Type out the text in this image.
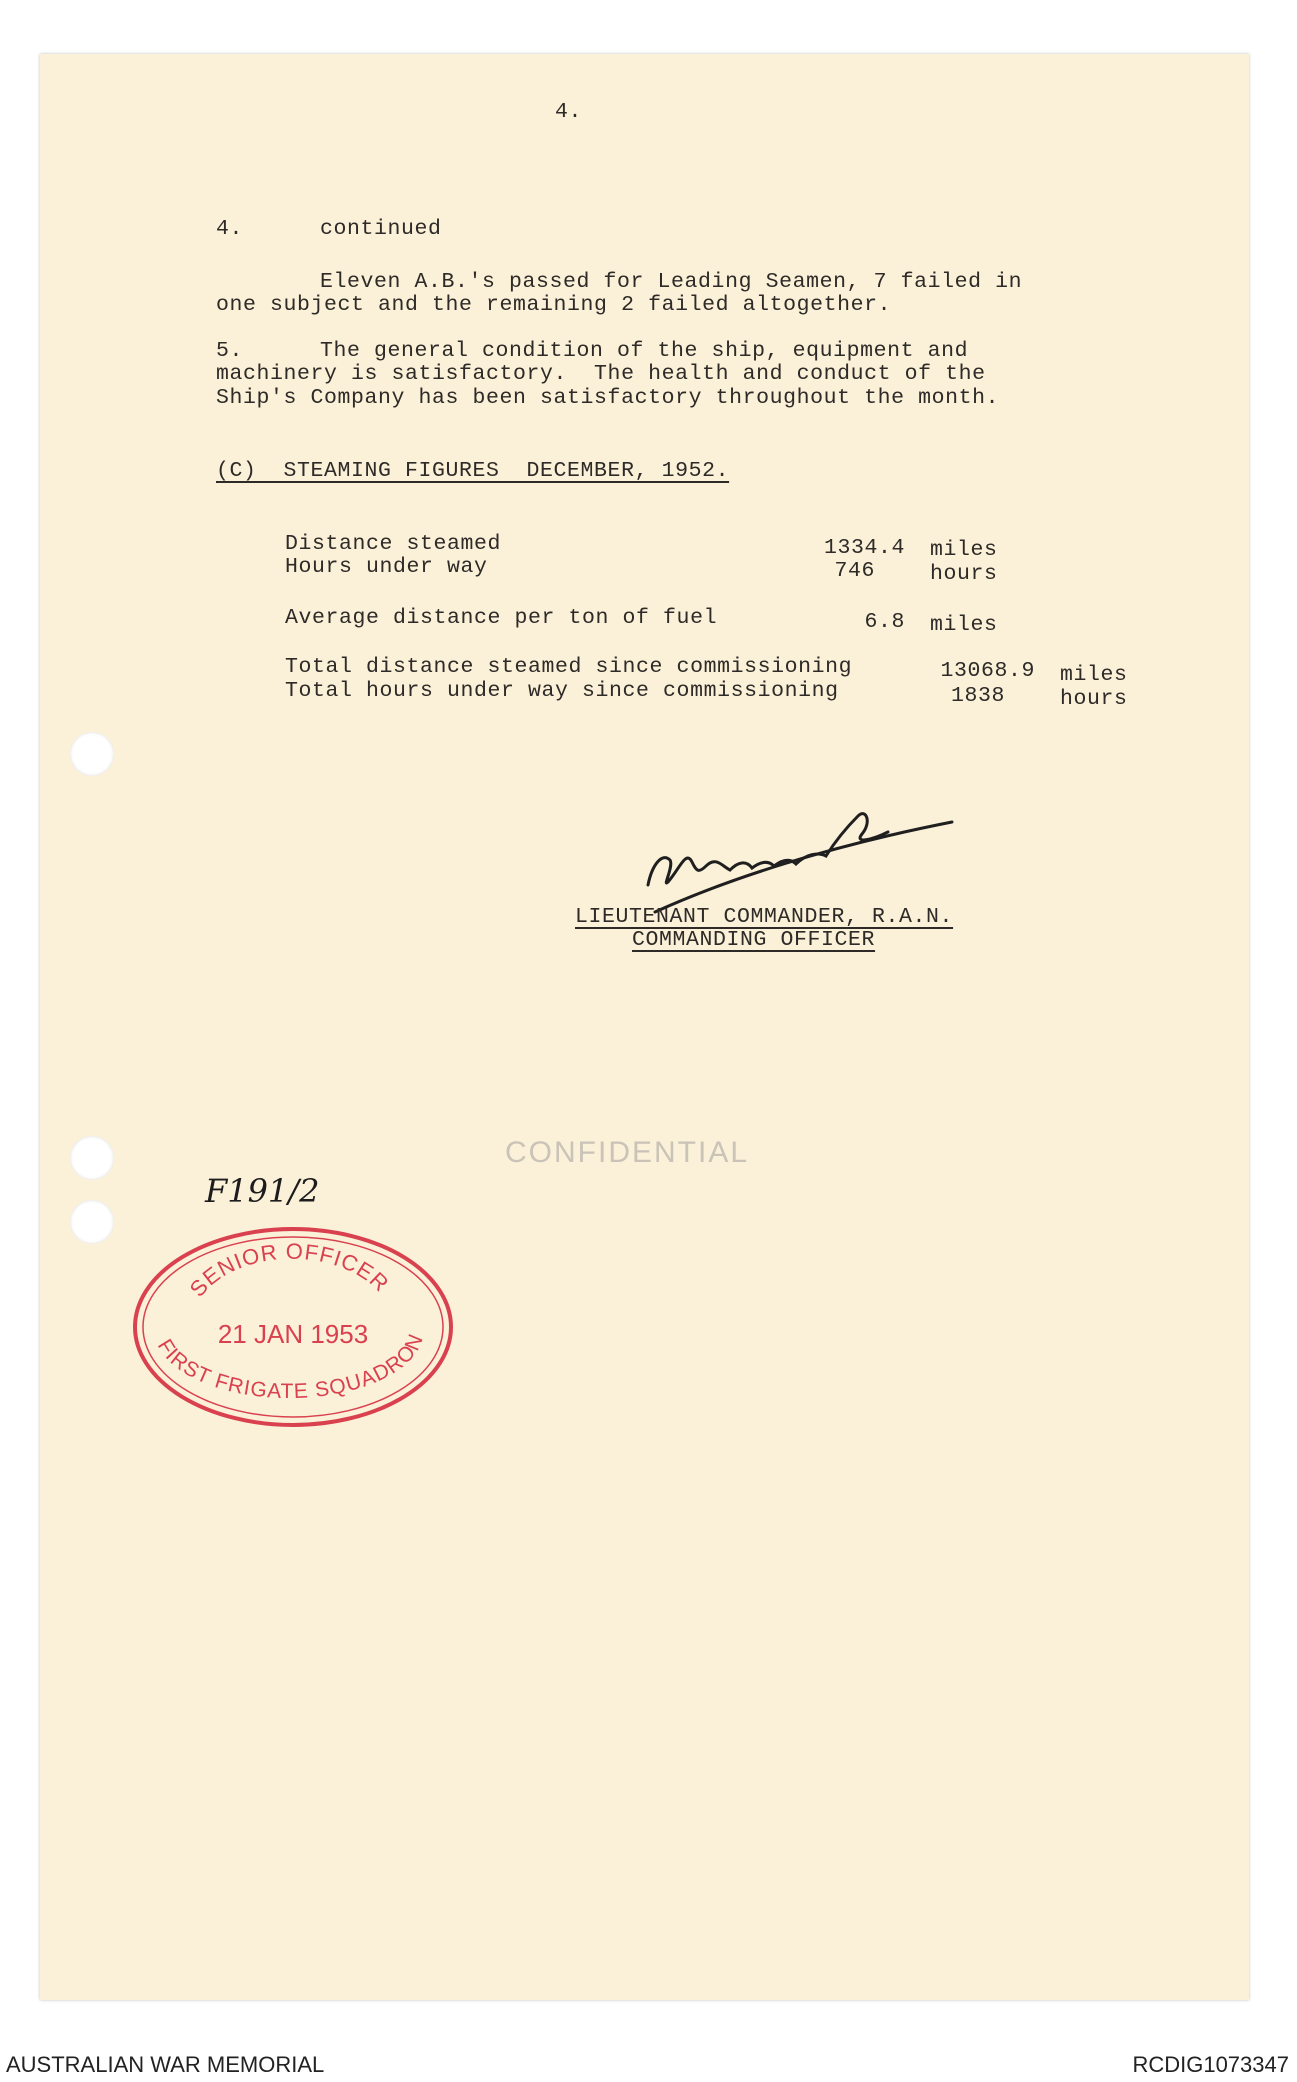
4.
4.	continued
Eleven A.B.'s passed for Leading Seamen, 7 failed in
one subject and the remaining 2 failed altogether.
5.	The general condition of the ship, equipment and
machinery is satisfactory.  The health and conduct of the
Ship's Company has been satisfactory throughout the month.
(C)  STEAMING FIGURES  DECEMBER, 1952.
Distance steamed	1334.4 miles
Hours under way	746	hours
Average distance per ton of fuel	6.8 miles
Total distance steamed since commissioning	13068.9 miles
Total hours under way since commissioning	1838	hours
LIEUTENANT COMMANDER, R.A.N.
COMMANDING OFFICER
CONFIDENTIAL
F191/2
SENIOR OFFICER
21 JAN 1953
FIRST FRIGATE SQUADRON
AUSTRALIAN WAR MEMORIAL	RCDIG1073347
